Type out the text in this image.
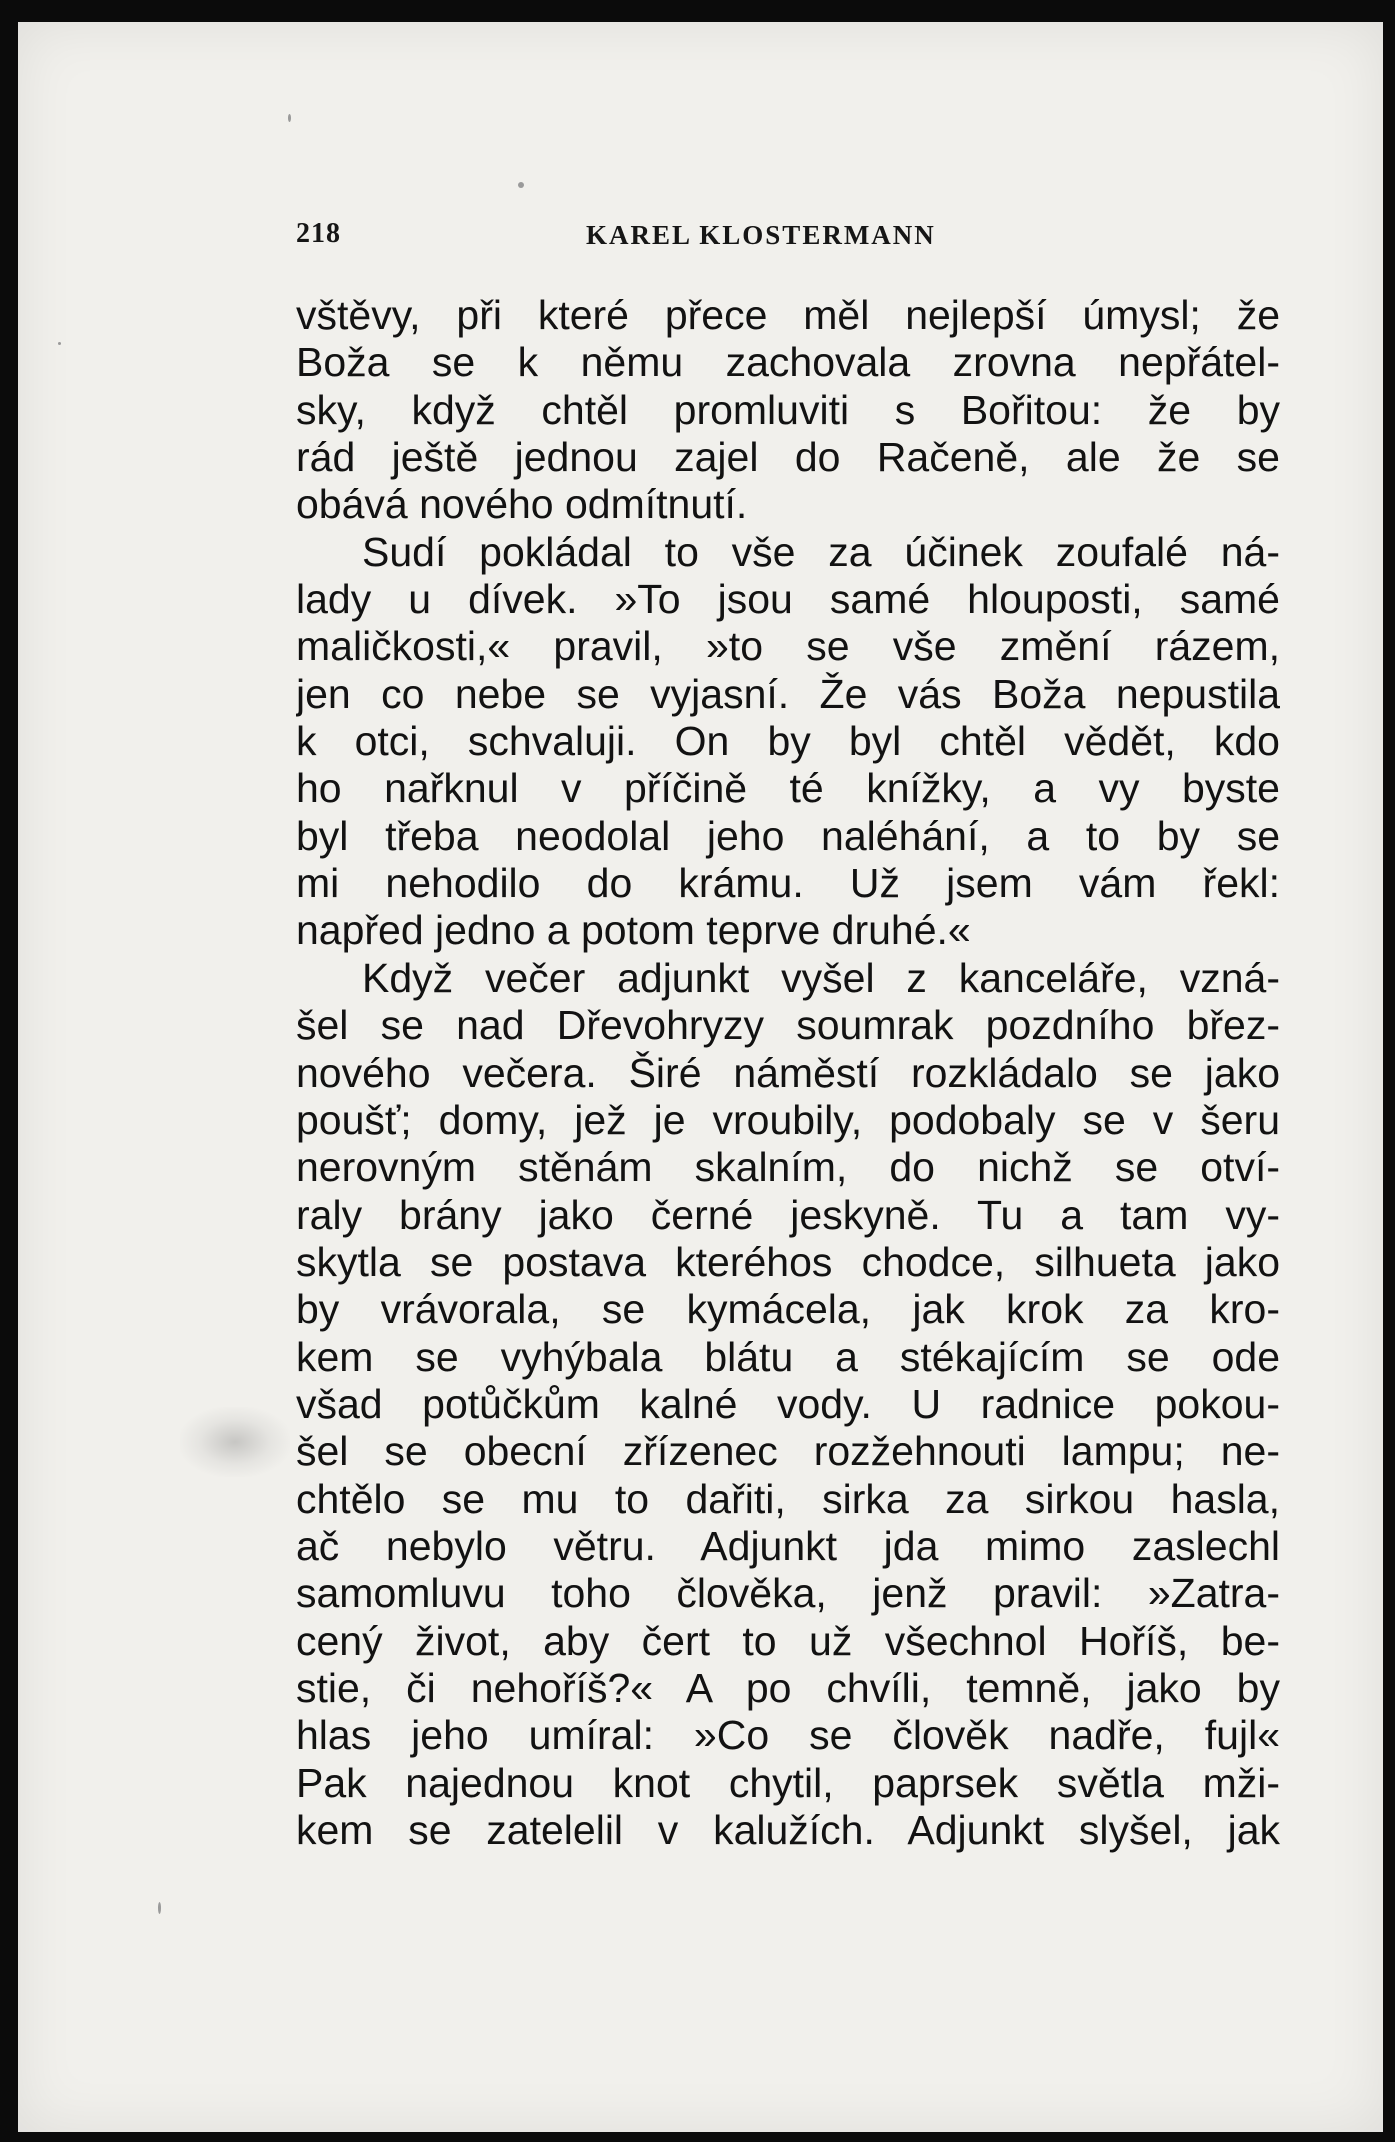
218	KAREL KLOSTERMANN
vštěvy, při které přece měl nejlepší úmysl; že
Boža se k němu zachovala zrovna nepřátel-
sky, když chtěl promluviti s Bořitou: že by
rád ještě jednou zajel do Račeně, ale že se
obává nového odmítnutí.
Sudí pokládal to vše za účinek zoufalé ná-
lady u dívek. »To jsou samé hlouposti, samé
maličkosti,« pravil, »to se vše změní rázem,
jen co nebe se vyjasní. Že vás Boža nepustila
k otci, schvaluji. On by byl chtěl vědět, kdo
ho nařknul v příčině té knížky, a vy byste
byl třeba neodolal jeho naléhání, a to by se
mi nehodilo do krámu. Už jsem vám řekl:
napřed jedno a potom teprve druhé.«
Když večer adjunkt vyšel z kanceláře, vzná-
šel se nad Dřevohryzy soumrak pozdního břez-
nového večera. Širé náměstí rozkládalo se jako
poušť; domy, jež je vroubily, podobaly se v šeru
nerovným stěnám skalním, do nichž se otví-
raly brány jako černé jeskyně. Tu a tam vy-
skytla se postava kteréhos chodce, silhueta jako
by vrávorala, se kymácela, jak krok za kro-
kem se vyhýbala blátu a stékajícím se ode
všad potůčkům kalné vody. U radnice pokou-
šel se obecní zřízenec rozžehnouti lampu; ne-
chtělo se mu to dařiti, sirka za sirkou hasla,
ač nebylo větru. Adjunkt jda mimo zaslechl
samomluvu toho člověka, jenž pravil: »Zatra-
cený život, aby čert to už všechnol Hoříš, be-
stie, či nehoříš?« A po chvíli, temně, jako by
hlas jeho umíral: »Co se člověk nadře, fujl«
Pak najednou knot chytil, paprsek světla mži-
kem se zatelelil v kalužích. Adjunkt slyšel, jak
